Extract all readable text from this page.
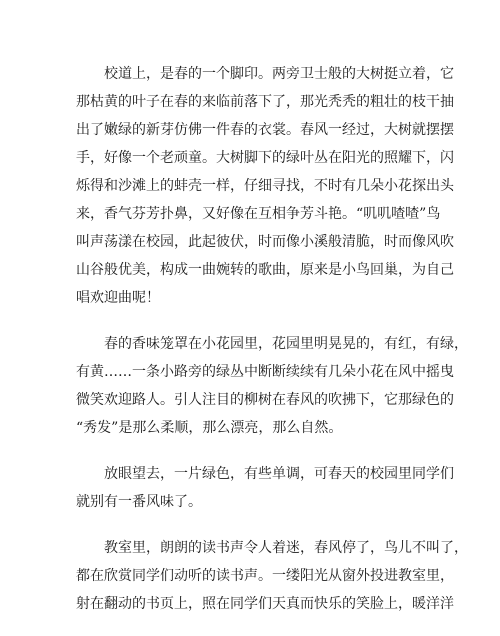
校道上，是春的一个脚印。两旁卫士般的大树挺立着，它
那枯黄的叶子在春的来临前落下了，那光秃秃的粗壮的枝干抽
出了嫩绿的新芽仿佛一件春的衣裳。春风一经过，大树就摆摆
手，好像一个老顽童。大树脚下的绿叶丛在阳光的照耀下，闪
烁得和沙滩上的蚌壳一样，仔细寻找，不时有几朵小花探出头
来，香气芬芳扑鼻，又好像在互相争芳斗艳。“叽叽喳喳”鸟
叫声荡漾在校园，此起彼伏，时而像小溪般清脆，时而像风吹
山谷般优美，构成一曲婉转的歌曲，原来是小鸟回巢，为自己
唱欢迎曲呢！

春的香味笼罩在小花园里，花园里明晃晃的，有红，有绿，
有黄……一条小路旁的绿丛中断断续续有几朵小花在风中摇曳
微笑欢迎路人。引人注目的柳树在春风的吹拂下，它那绿色的
“秀发”是那么柔顺，那么漂亮，那么自然。

放眼望去，一片绿色，有些单调，可春天的校园里同学们
就别有一番风味了。

教室里，朗朗的读书声令人着迷，春风停了，鸟儿不叫了，
都在欣赏同学们动听的读书声。一缕阳光从窗外投进教室里，
射在翻动的书页上，照在同学们天真而快乐的笑脸上，暖洋洋
